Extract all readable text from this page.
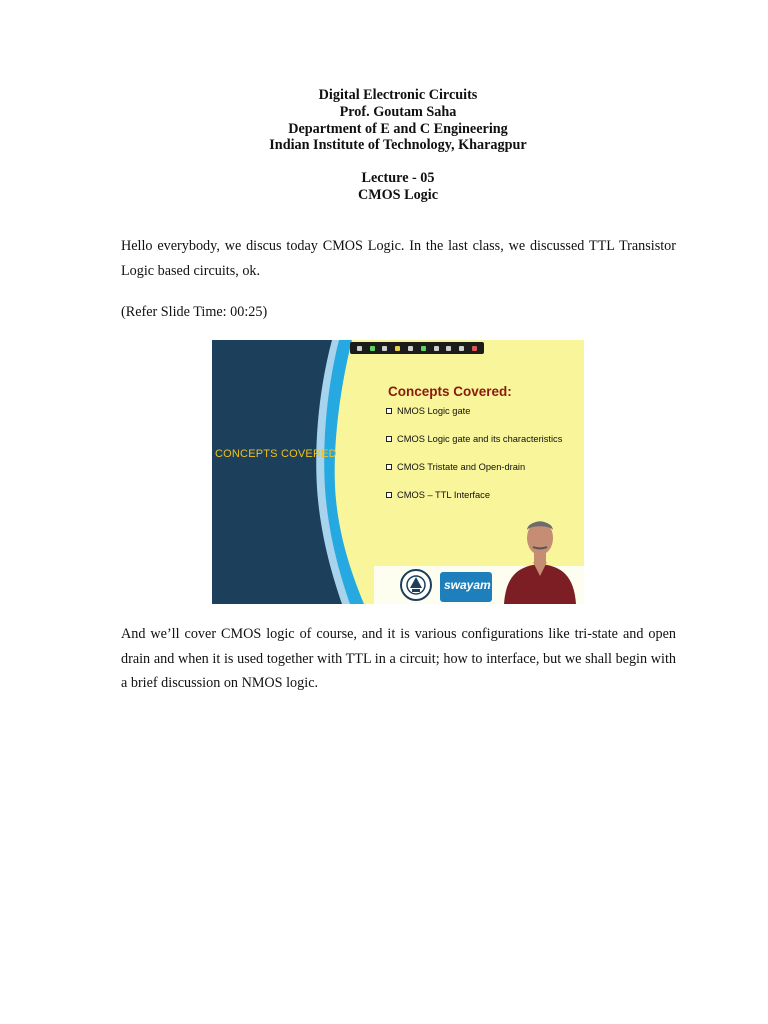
Digital Electronic Circuits
Prof. Goutam Saha
Department of E and C Engineering
Indian Institute of Technology, Kharagpur
Lecture - 05
CMOS Logic

Hello everybody, we discus today CMOS Logic. In the last class, we discussed TTL Transistor Logic based circuits, ok.

(Refer Slide Time: 00:25)

CONCEPTS COVERED
Concepts Covered:
NMOS Logic gate
CMOS Logic gate and its characteristics
CMOS Tristate and Open-drain
CMOS – TTL Interface
swayam

And we’ll cover CMOS logic of course, and it is various configurations like tri-state and open drain and when it is used together with TTL in a circuit; how to interface, but we shall begin with a brief discussion on NMOS logic.
